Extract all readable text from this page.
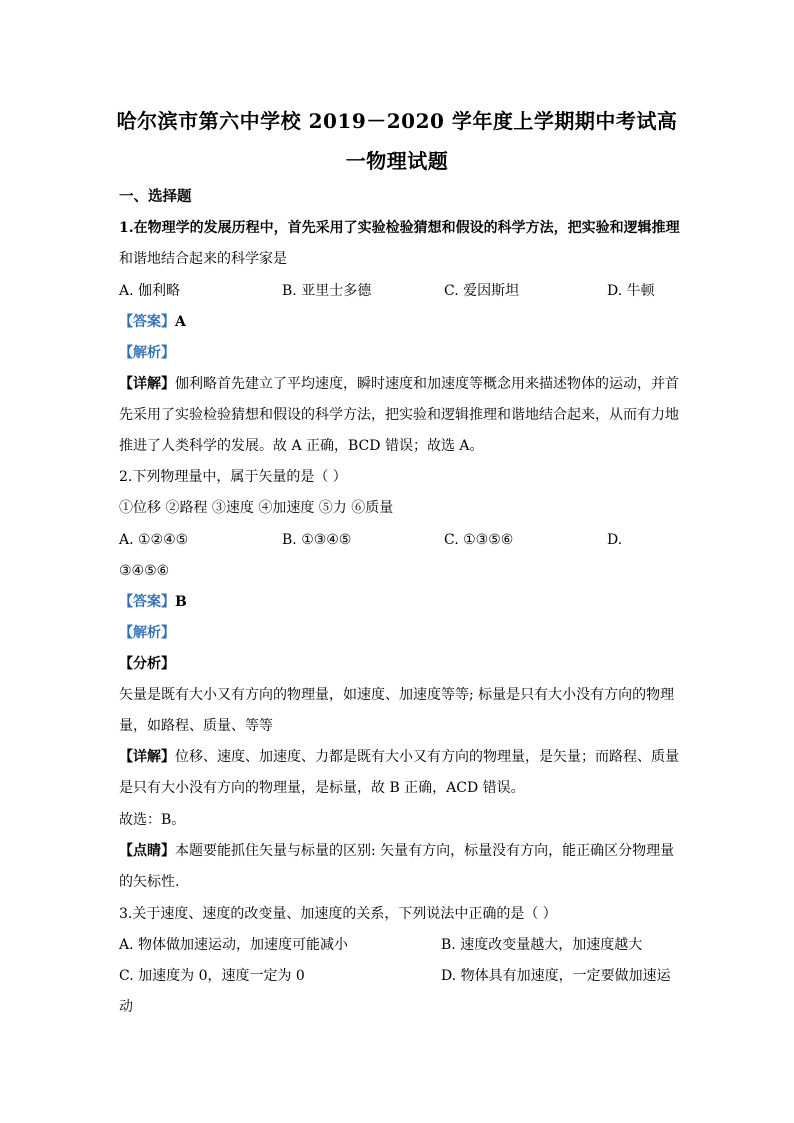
哈尔滨市第六中学校 2019－2020 学年度上学期期中考试高
一物理试题
一、选择题
1.在物理学的发展历程中，首先采用了实验检验猜想和假设的科学方法，把实验和逻辑推理
和谐地结合起来的科学家是
A. 伽利略	B. 亚里士多德	C. 爱因斯坦	D. 牛顿
【答案】A
【解析】
【详解】伽利略首先建立了平均速度，瞬时速度和加速度等概念用来描述物体的运动，并首
先采用了实验检验猜想和假设的科学方法，把实验和逻辑推理和谐地结合起来，从而有力地
推进了人类科学的发展。故 A 正确，BCD 错误；故选 A。
2.下列物理量中，属于矢量的是（ ）
①位移 ②路程 ③速度 ④加速度 ⑤力 ⑥质量
A. ①②④⑤	B. ①③④⑤	C. ①③⑤⑥	D.
③④⑤⑥
【答案】B
【解析】
【分析】
矢量是既有大小又有方向的物理量，如速度、加速度等等; 标量是只有大小没有方向的物理
量，如路程、质量、等等
【详解】位移、速度、加速度、力都是既有大小又有方向的物理量，是矢量；而路程、质量
是只有大小没有方向的物理量，是标量，故 B 正确，ACD 错误。
故选：B。
【点睛】本题要能抓住矢量与标量的区别: 矢量有方向，标量没有方向，能正确区分物理量
的矢标性.
3.关于速度、速度的改变量、加速度的关系，下列说法中正确的是（ ）
A. 物体做加速运动，加速度可能减小	B. 速度改变量越大，加速度越大
C. 加速度为 0，速度一定为 0	D. 物体具有加速度，一定要做加速运
动
